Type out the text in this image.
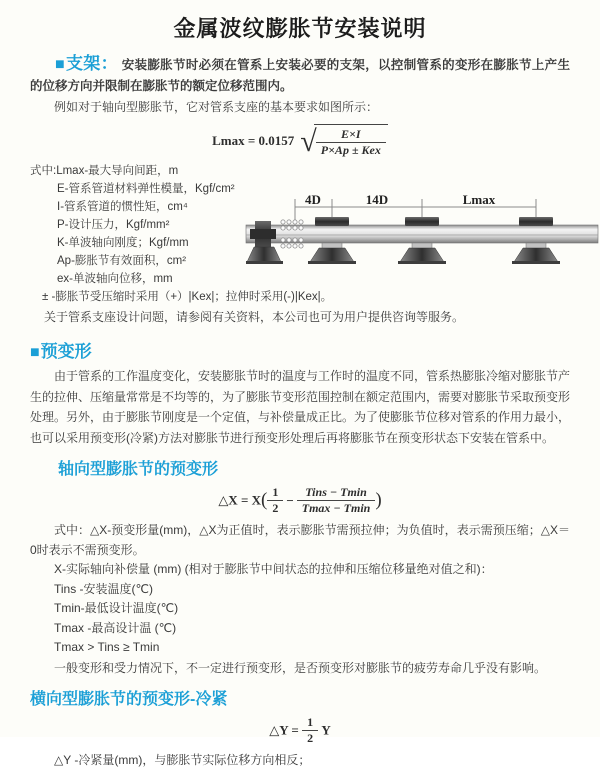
金属波纹膨胀节安装说明

■支架： 安装膨胀节时必须在管系上安装必要的支架，以控制管系的变形在膨胀节上产生的位移方向并限制在膨胀节的额定位移范围内。

例如对于轴向型膨胀节，它对管系支座的基本要求如图所示：

Lmax = 0.0157 √ $\frac{E\times I}{\text{P×Ap ± Kex}}$
式中:Lmax-最大导向间距，m
E-管系管道材料弹性模量，Kgf/cm²
I-管系管道的惯性矩，cm⁴
P-设计压力，Kgf/mm²
K-单波轴向刚度；Kgf/mm
Ap-膨胀节有效面积，cm²
ex-单波轴向位移，mm
± -膨胀节受压缩时采用（+）|Kex|；拉伸时采用(-)|Kex|。
关于管系支座设计问题，请参阅有关资料，本公司也可为用户提供咨询等服务。
4D	14D	Lmax
■预变形

由于管系的工作温度变化，安装膨胀节时的温度与工作时的温度不同，管系热膨胀冷缩对膨胀节产生的拉伸、压缩量常常是不均等的，为了膨胀节变形范围控制在额定范围内，需要对膨胀节采取预变形处理。另外，由于膨胀节刚度是一个定值，与补偿量成正比。为了使膨胀节位移对管系的作用力最小，也可以采用预变形(冷紧)方法对膨胀节进行预变形处理后再将膨胀节在预变形状态下安装在管系中。

轴向型膨胀节的预变形
△X = $X( \frac{1}{2} - \frac{\text{Tins − Tmin}}{Tmax - Tmin}$ )

式中：△X-预变形量(mm)，△X为正值时，表示膨胀节需预拉伸；为负值时，表示需预压缩；△X＝0时表示不需预变形。

X-实际轴向补偿量 (mm) (相对于膨胀节中间状态的拉伸和压缩位移量绝对值之和)：
Tins -安装温度(℃)
Tmin-最低设计温度(℃)
Tmax -最高设计温 (℃)
Tmax > Tins ≥ Tmin

一般变形和受力情况下，不一定进行预变形，是否预变形对膨胀节的疲劳寿命几乎没有影响。

横向型膨胀节的预变形-冷紧
△Y = $\frac{1}{2}$ Y
△Y -冷紧量(mm)，与膨胀节实际位移方向相反；
